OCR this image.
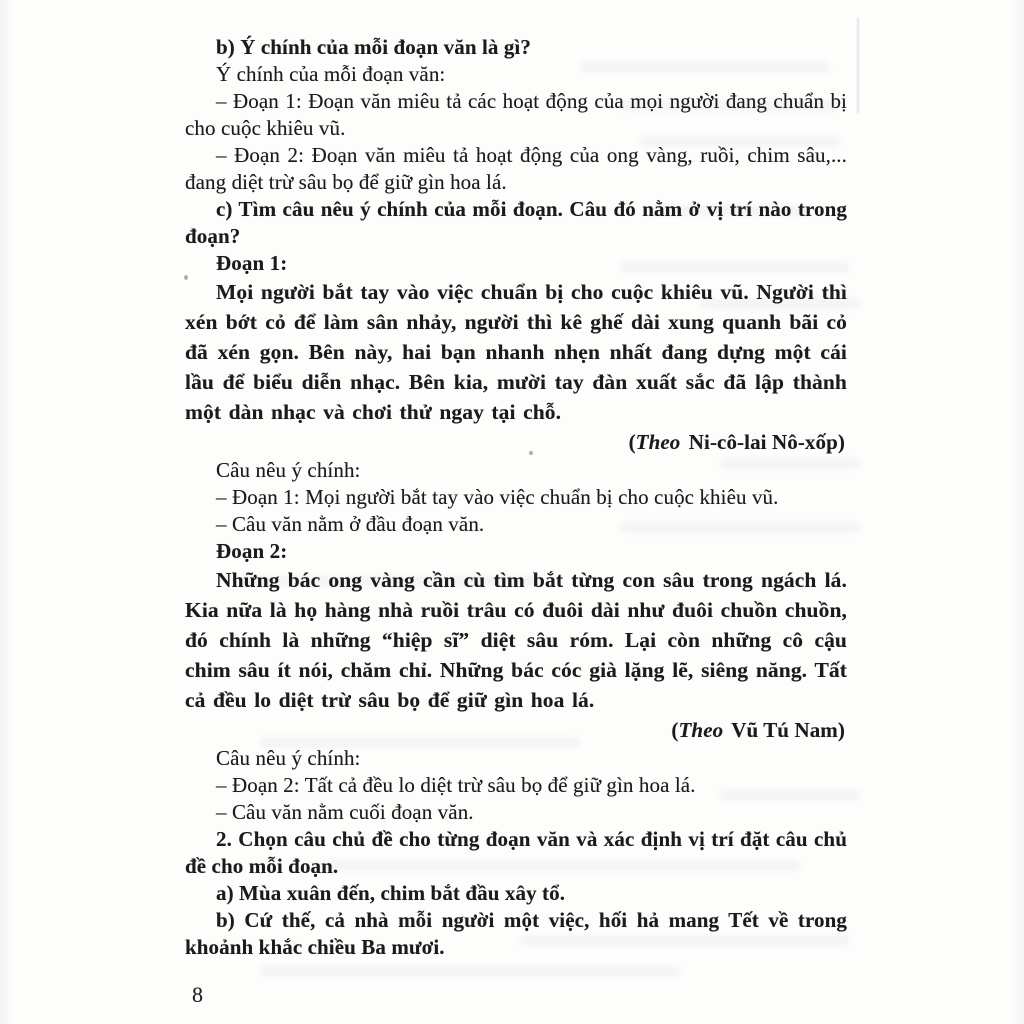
b) Ý chính của mỗi đoạn văn là gì?

Ý chính của mỗi đoạn văn:

– Đoạn 1: Đoạn văn miêu tả các hoạt động của mọi người đang chuẩn bị cho cuộc khiêu vũ.

– Đoạn 2: Đoạn văn miêu tả hoạt động của ong vàng, ruồi, chim sâu,... đang diệt trừ sâu bọ để giữ gìn hoa lá.

c) Tìm câu nêu ý chính của mỗi đoạn. Câu đó nằm ở vị trí nào trong đoạn?

Đoạn 1:

Mọi người bắt tay vào việc chuẩn bị cho cuộc khiêu vũ. Người thì xén bớt cỏ để làm sân nhảy, người thì kê ghế dài xung quanh bãi cỏ đã xén gọn. Bên này, hai bạn nhanh nhẹn nhất đang dựng một cái lầu để biểu diễn nhạc. Bên kia, mười tay đàn xuất sắc đã lập thành một dàn nhạc và chơi thử ngay tại chỗ.

(Theo Ni-cô-lai Nô-xốp)

Câu nêu ý chính:

– Đoạn 1: Mọi người bắt tay vào việc chuẩn bị cho cuộc khiêu vũ.

– Câu văn nằm ở đầu đoạn văn.

Đoạn 2:

Những bác ong vàng cần cù tìm bắt từng con sâu trong ngách lá. Kia nữa là họ hàng nhà ruồi trâu có đuôi dài như đuôi chuồn chuồn, đó chính là những “hiệp sĩ” diệt sâu róm. Lại còn những cô cậu chim sâu ít nói, chăm chỉ. Những bác cóc già lặng lẽ, siêng năng. Tất cả đều lo diệt trừ sâu bọ để giữ gìn hoa lá.

(Theo Vũ Tú Nam)

Câu nêu ý chính:

– Đoạn 2: Tất cả đều lo diệt trừ sâu bọ để giữ gìn hoa lá.

– Câu văn nằm cuối đoạn văn.

2. Chọn câu chủ đề cho từng đoạn văn và xác định vị trí đặt câu chủ đề cho mỗi đoạn.

a) Mùa xuân đến, chim bắt đầu xây tổ.

b) Cứ thế, cả nhà mỗi người một việc, hối hả mang Tết về trong khoảnh khắc chiều Ba mươi.

8
